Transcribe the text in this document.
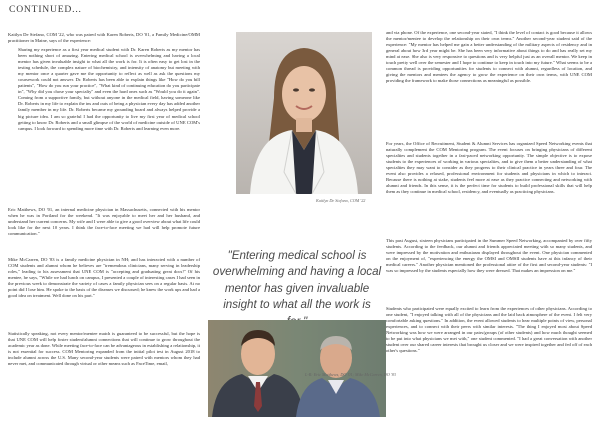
CONTINUED...
Kaitlyn De Stefano, COM '22, who was paired with Karen Roberts, DO '01, a Family Medicine/OMM practitioner in Maine, says of the experience:
Sharing my experience as a first year medical student with Dr. Karen Roberts as my mentor has been nothing short of amazing. Entering medical school is overwhelming and having a local mentor has given invaluable insight to what all the work is for. It is often easy to get lost in the testing schedule, the complex nature of biochemistry, and intensity of anatomy but meeting with my mentor once a quarter gave me the opportunity to reflect as well as ask the questions my coursework could not answer. Dr. Roberts has been able to explain things like "How do you bill patients", "How do you run your practice", "What kind of continuing education do you participate in", "Why did you chose your specialty" and even the hard ones such as "Would you do it again". Coming from a supportive family, but without anyone in the medical field, having someone like Dr. Roberts in my life to explain the ins and outs of being a physician every day has added another family member in my life. Dr. Roberts became my grounding board and always helped provide a big picture idea. I am so grateful I had the opportunity to live my first year of medical school getting to know Dr. Roberts and a small glimpse of the world of medicine outside of UNE COM's campus. I look forward to spending more time with Dr. Roberts and learning even more.
Eric Matthews, DO '01, an internal medicine physician in Massachusetts, connected with his mentor when he was in Portland for the weekend. "It was enjoyable to meet her and her husband, and understand her current concerns. My wife and I were able to give a good overview about what life could look like for the next 10 years. I think the face-to-face meeting we had will help promote future communication."
Mike McCarren, DO '83 is a family medicine physician in NH; and has interacted with a number of COM students and alumni whom he believes are "tremendous clinicians, many serving in leadership roles," leading to his assessment that UNE COM is "accepting and graduating great docs!" Of his mentee, he says, "While we had lunch on campus, I presented a couple of interesting cases I had seen in the previous week to demonstrate the variety of cases a family physician sees on a regular basis. At no point did I lose him. He spoke to the basis of the diseases we discussed; he knew the work ups and had a good idea on treatment. Well done on his part."
Statistically speaking, not every mentor/mentee match is guaranteed to be successful, but the hope is that UNE COM will help foster student/alumni connections that will continue to grow throughout the academic year as done. While meeting face-to-face can be advantageous in establishing a relationship, it is not essential for success. COM Mentoring expanded from the initial pilot test in August 2018 to include alumni across the U.S. Many second-year students were paired with mentors whom they had never met, and communicated through virtual or other means such as FaceTime, email,
Kaitlyn De Stefano, COM '22

"Entering medical school is overwhelming and having a local mentor has given invaluable insight to what all the work is

L-R: Eric Matthews, DO '01; Mike McCarren, DO '83
and via phone. Of the experience, one second-year stated, "I think the level of contact is good because it allows the mentor/mentee to develop the relationship on their own terms." Another second-year student said of the experience: "My mentor has helped me gain a better understanding of the military aspects of residency and in general about how 3rd year might be. She has been very informative about things to do and has really set my mind at ease. She also is very responsive to questions and is very helpful just as an overall mentor. We keep in touch pretty well over the semester and I hope to continue to keep in touch into my future." What seems to be a common thread is providing opportunities for students to connect with alumni, regardless of location, and giving the mentors and mentees the agency to grow the experience on their own terms, with UNE COM providing the framework to make those connections as meaningful as possible.
For years, the Office of Recruitment, Student & Alumni Services has organized Speed Networking events that naturally complement the COM Mentoring program. The event focuses on bringing physicians of different specialties and students together in a fast-paced networking opportunity. The simple objective is to expose students to the experiences of working in various specialties, and to give them a better understanding of what specialties they may want to consider as they progress to their clinical practice in years three and four. The event also provides a relaxed, professional environment for students and physicians in which to interact. Because there is nothing at stake, students feel more at ease as they practice connecting and networking with alumni and friends. In this sense, it is the perfect time for students to build professional skills that will help them as they continue in medical school, residency, and eventually as practicing physicians.
This past August, sixteen physicians participated in the Summer Speed Networking, accompanied by over fifty students. According to the feedback, our alumni and friends appreciated meeting with so many students, and were impressed by the motivation and enthusiasm displayed throughout the event. One physician commented on the enjoyment of, "experiencing the energy the OMSI and OMSII students have at this infancy of their medical careers." Another physician mentioned the professional attire of the first and second-year students: "I was so impressed by the students especially how they were dressed. That makes an impression on me."
Students who participated were equally excited to learn from the experiences of other physicians. According to one student, "I enjoyed talking with all of the physicians and the laid back atmosphere of the event. I felt very comfortable asking questions." In addition, the event allowed students to hear multiple points of view, personal experiences, and to connect with their peers with similar interests. "The thing I enjoyed most about Speed Networking was how we were arranged in our pairs/groups (of other students) and how much thought seemed to be put into what physicians we met with," one student commented. "I had a great conversation with another student over our shared career interests that brought us closer and we were inspired together and fed off of each other's questions."
